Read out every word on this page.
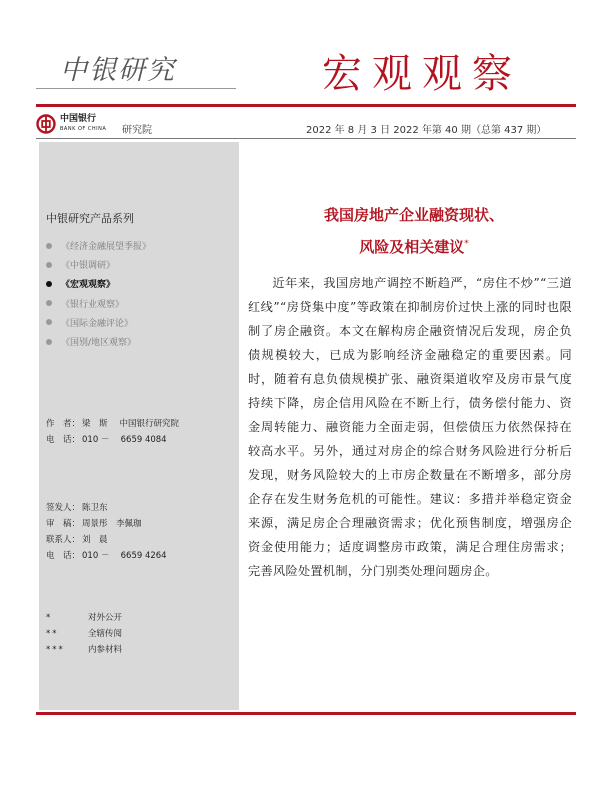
中银研究	宏观观察
中国银行
BANK OF CHINA 研究院	2022 年 8 月 3 日 2022 年第 40 期（总第 437 期）
中银研究产品系列
《经济金融展望季报》
《中银调研》
《宏观观察》
《银行业观察》
《国际金融评论》
《国别/地区观察》
作　者： 梁　斯 中国银行研究院
电　话： 010 －　 6659 4084
签发人： 陈卫东
审　稿： 周景彤　李佩珈
联系人： 刘　晨
电　话： 010 －　 6659 4264
*	对外公开
**	全辖传阅
***	内参材料
我国房地产企业融资现状、
风险及相关建议*
近年来，我国房地产调控不断趋严，“房住不炒”“三道红线”“房贷集中度”等政策在抑制房价过快上涨的同时也限制了房企融资。本文在解构房企融资情况后发现，房企负债规模较大，已成为影响经济金融稳定的重要因素。同时，随着有息负债规模扩张、融资渠道收窄及房市景气度持续下降，房企信用风险在不断上行，债务偿付能力、资金周转能力、融资能力全面走弱，但偿债压力依然保持在较高水平。另外，通过对房企的综合财务风险进行分析后发现，财务风险较大的上市房企数量在不断增多，部分房企存在发生财务危机的可能性。建议：多措并举稳定资金来源，满足房企合理融资需求；优化预售制度，增强房企资金使用能力；适度调整房市政策，满足合理住房需求；完善风险处置机制，分门别类处理问题房企。
